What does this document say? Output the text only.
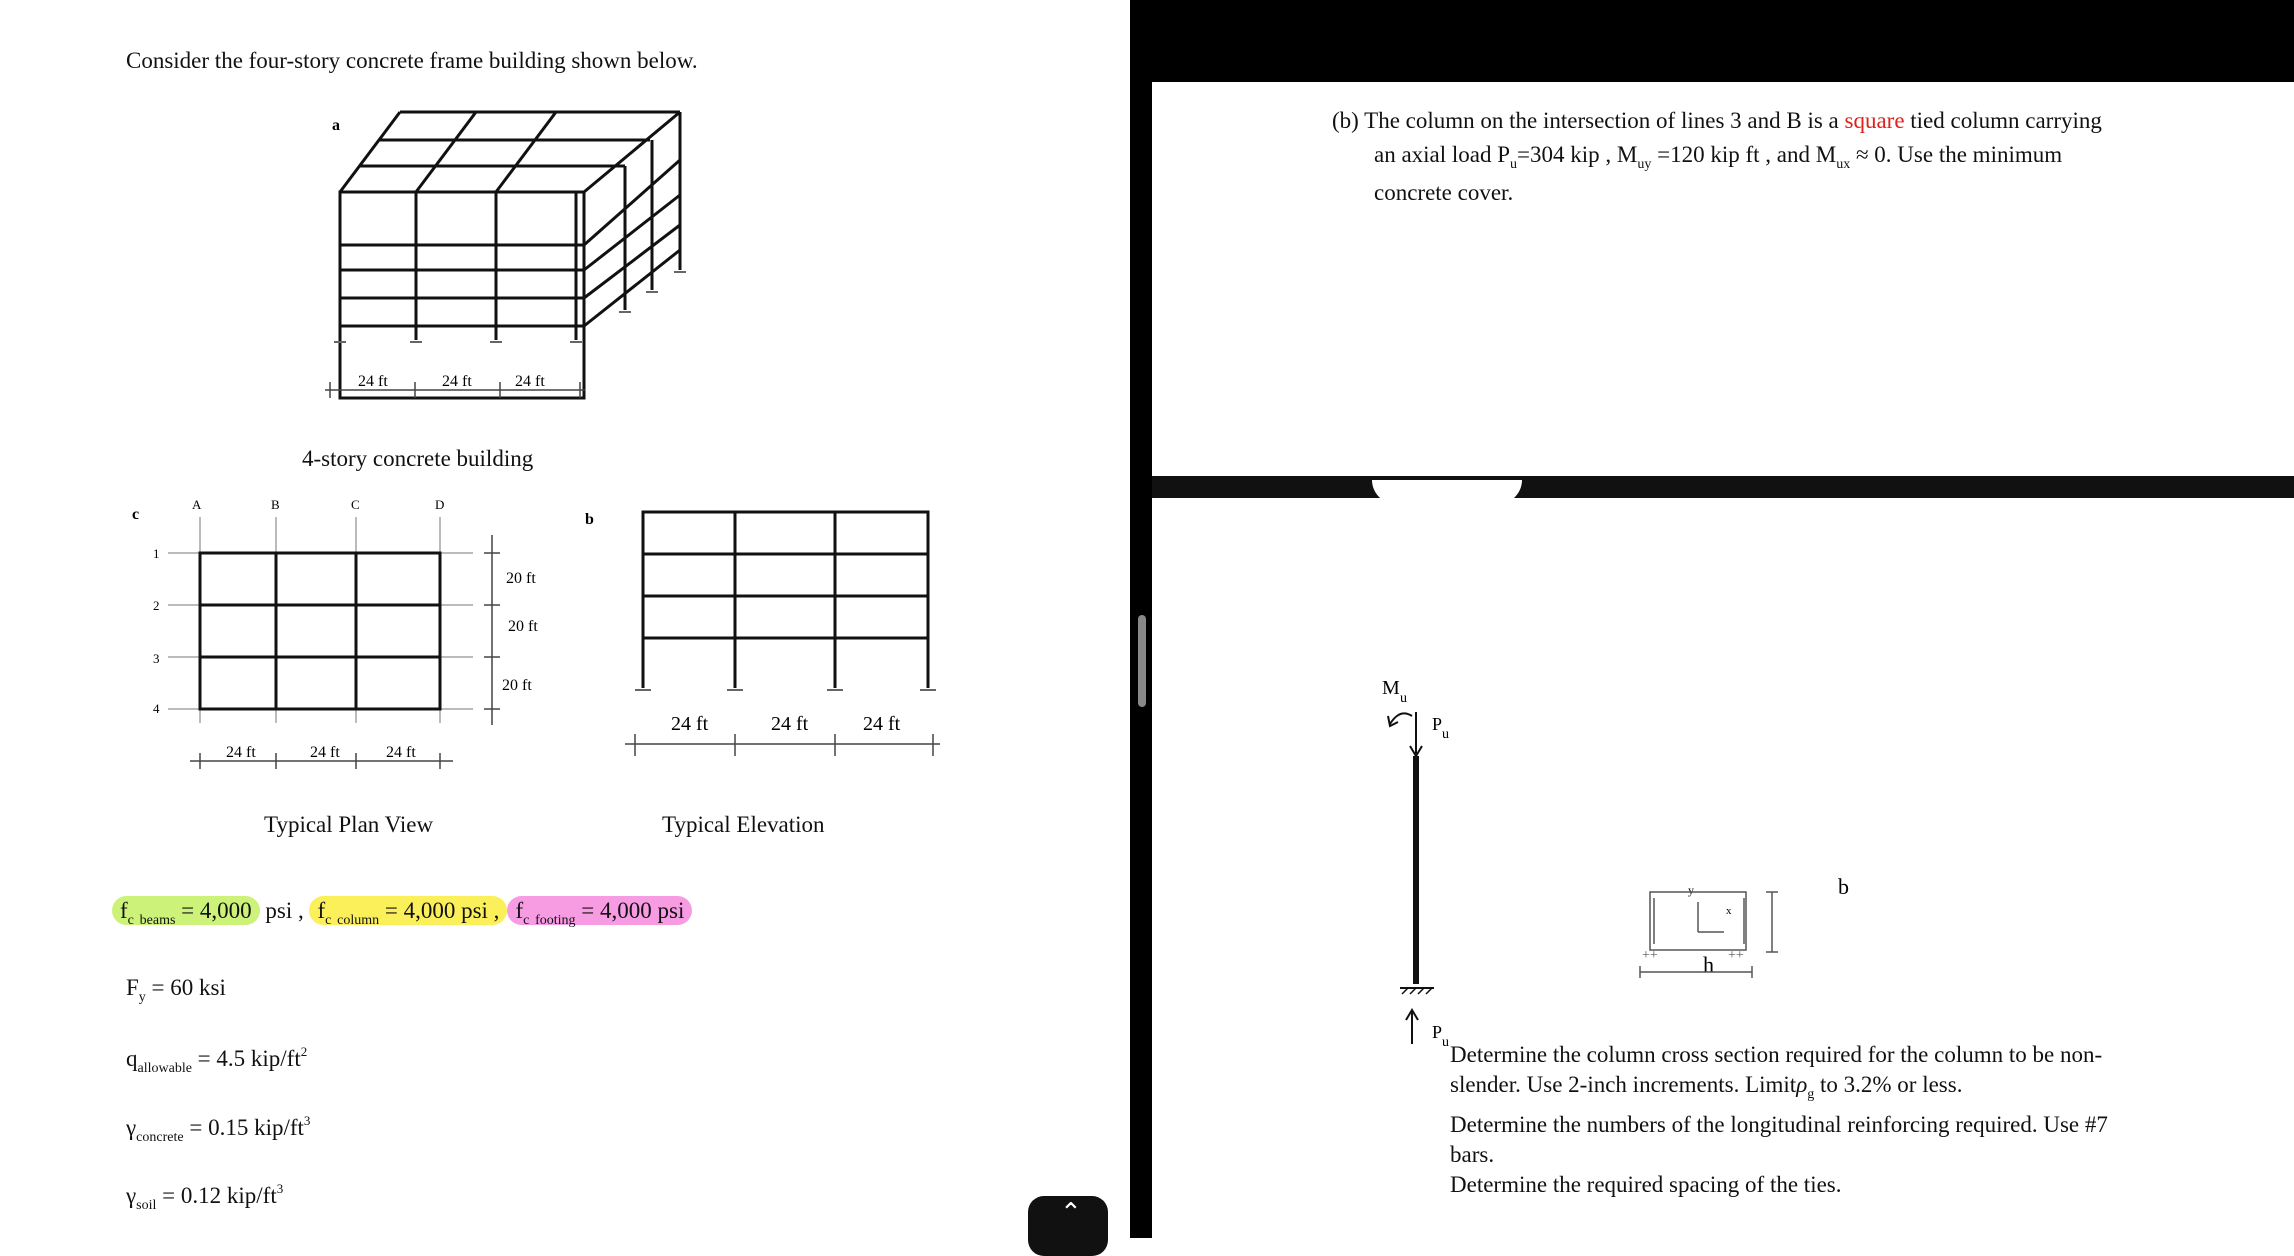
Consider the four-story concrete frame building shown below.
a
24 ft	24 ft	24 ft
4-story concrete building
c
A	B	C	D
1
2
3
4
24 ft	24 ft	24 ft
20 ft
20 ft
20 ft
Typical Plan View
b
24 ft	24 ft	24 ft
Typical Elevation
$f_c$ $_{beams}$ = 4,000 psi , $f_c$ $_{column}$ = 4,000 psi , $f_c$ $_{footing}$ = 4,000 psi
$F_y = 60$ ksi
$q_{allowable} = 4.5$ kip/$ft^2$
$\gamma_{concrete} = 0.15$ kip/$ft^3$
$\gamma_{soil} = 0.12$ kip/$ft^3$
⌃
(b) The column on the intersection of lines 3 and B is a square tied column carrying
an axial load $P_u=304$ kip , $M_{uy} =120$ kip ft , and $M_{ux} \approx 0$. Use the minimum
concrete cover.
M u
P
u
P
u
b
y
h
x
++	++
Determine the column cross section required for the column to be non-
slender. Use 2-inch increments. Limitρ$_g$ to 3.2% or less.
Determine the numbers of the longitudinal reinforcing required. Use #7
bars.
Determine the required spacing of the ties.
